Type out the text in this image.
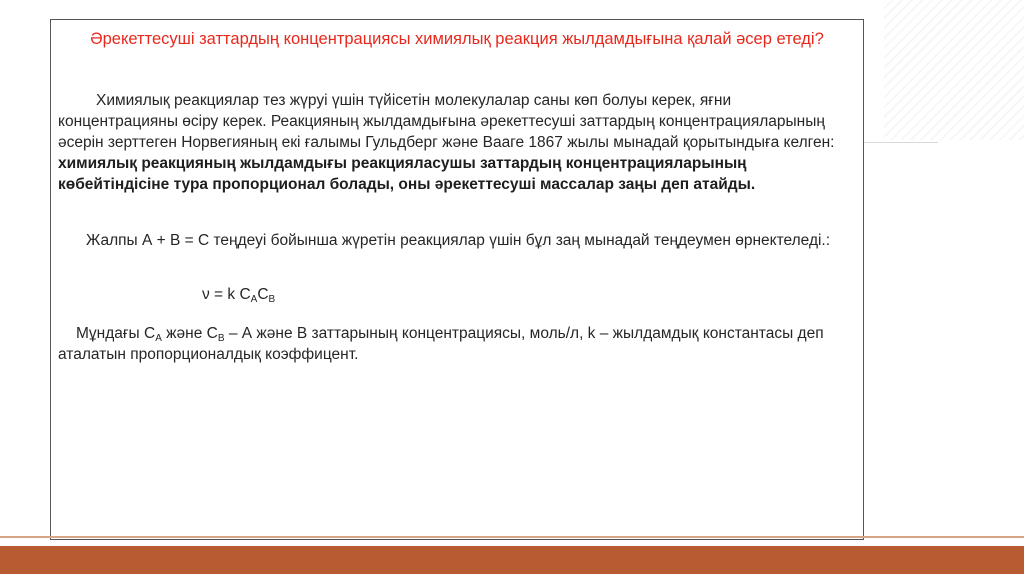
Әрекеттесуші заттардың концентрациясы химиялық реакция жылдамдығына қалай әсер етеді?
Химиялық реакциялар тез жүруі үшін түйісетін молекулалар саны көп болуы керек, яғни концентрацияны өсіру керек. Реакцияның жылдамдығына әрекеттесуші заттардың концентрацияларының әсерін зерттеген Норвегияның екі ғалымы Гульдберг және Вааге 1867 жылы мынадай қорытындыға келген: химиялық реакцияның жылдамдығы реакцияласушы заттардың концентрацияларының көбейтіндісіне тура пропорционал болады, оны әрекеттесуші массалар заңы деп атайды.
Жалпы А + В = С теңдеуі бойынша жүретін реакциялар үшін бұл заң мынадай теңдеумен өрнектеледі.:
ν = k $C_AC_B$
Мұндағы $C_A$ және $C_B$ – А және В заттарының концентрациясы, моль/л, k – жылдамдық константасы деп аталатын пропорционалдық коэффицент.
